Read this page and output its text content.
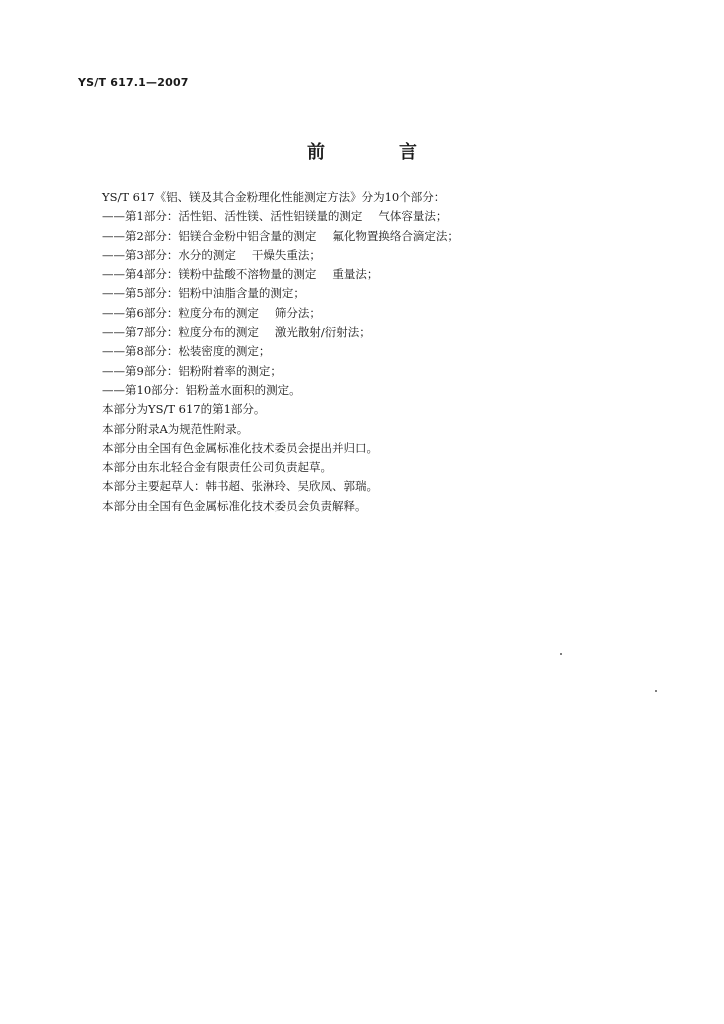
YS/T 617.1—2007
前　言
YS/T 617《铝、镁及其合金粉理化性能测定方法》分为10个部分：
——第1部分：活性铝、活性镁、活性铝镁量的测定 气体容量法；
——第2部分：铝镁合金粉中铝含量的测定 氟化物置换络合滴定法；
——第3部分：水分的测定 干燥失重法；
——第4部分：镁粉中盐酸不溶物量的测定 重量法；
——第5部分：铝粉中油脂含量的测定；
——第6部分：粒度分布的测定 筛分法；
——第7部分：粒度分布的测定 激光散射/衍射法；
——第8部分：松装密度的测定；
——第9部分：铝粉附着率的测定；
——第10部分：铝粉盖水面积的测定。
本部分为YS/T 617的第1部分。
本部分附录A为规范性附录。
本部分由全国有色金属标准化技术委员会提出并归口。
本部分由东北轻合金有限责任公司负责起草。
本部分主要起草人：韩书超、张淋玲、吴欣凤、郭瑞。
本部分由全国有色金属标准化技术委员会负责解释。
